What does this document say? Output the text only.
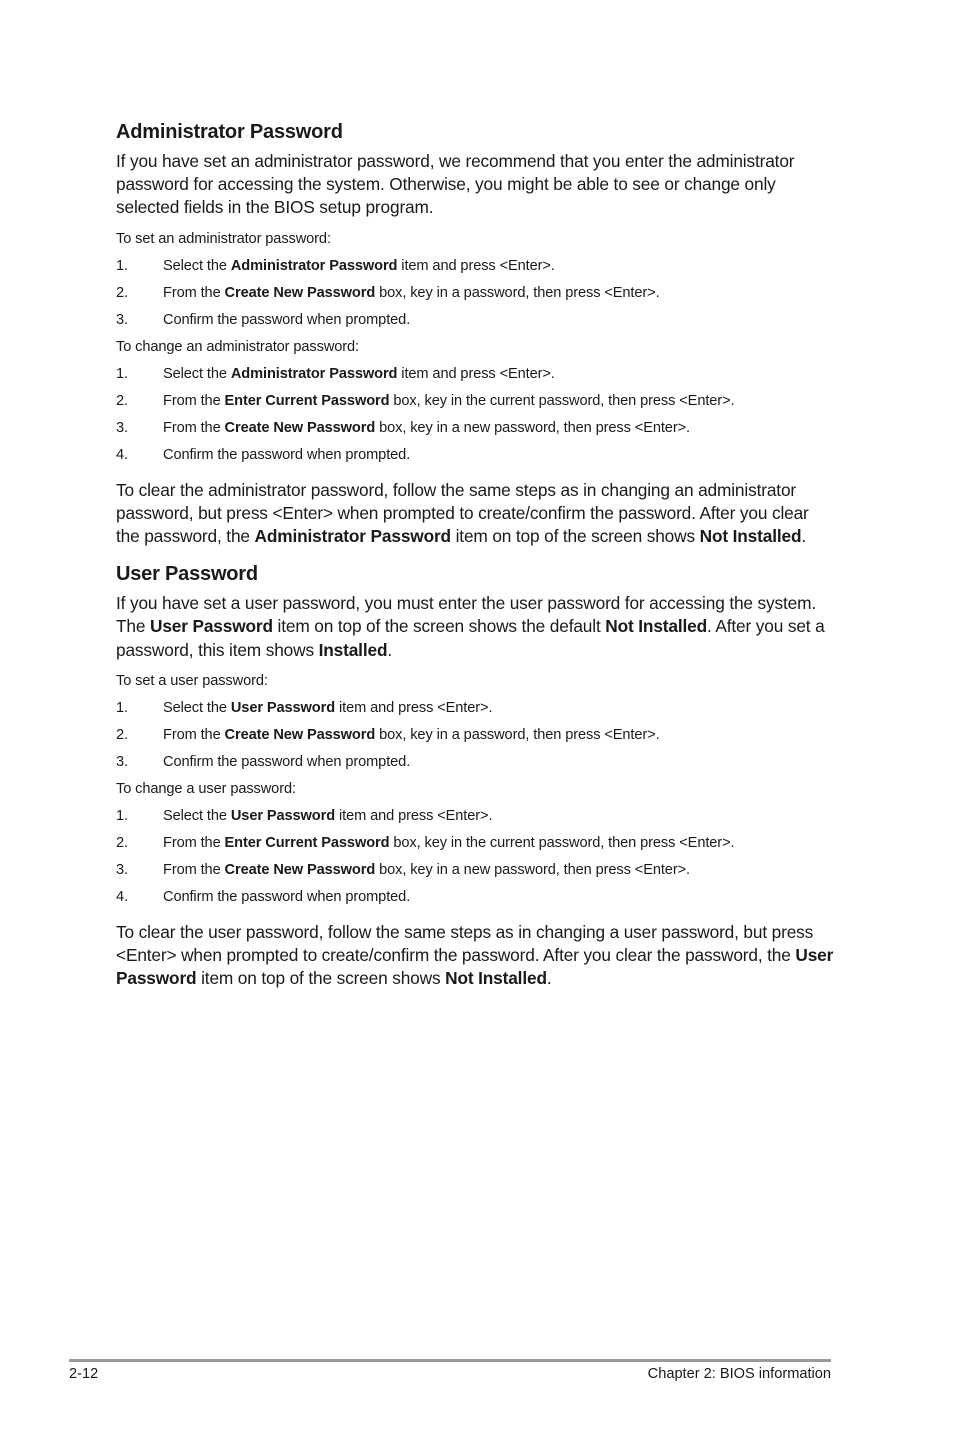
Administrator Password

If you have set an administrator password, we recommend that you enter the administrator password for accessing the system. Otherwise, you might be able to see or change only selected fields in the BIOS setup program.

To set an administrator password:

1. Select the Administrator Password item and press <Enter>.
2. From the Create New Password box, key in a password, then press <Enter>.
3. Confirm the password when prompted.

To change an administrator password:

1. Select the Administrator Password item and press <Enter>.
2. From the Enter Current Password box, key in the current password, then press <Enter>.
3. From the Create New Password box, key in a new password, then press <Enter>.
4. Confirm the password when prompted.

To clear the administrator password, follow the same steps as in changing an administrator password, but press <Enter> when prompted to create/confirm the password. After you clear the password, the Administrator Password item on top of the screen shows Not Installed.

User Password

If you have set a user password, you must enter the user password for accessing the system. The User Password item on top of the screen shows the default Not Installed. After you set a password, this item shows Installed.

To set a user password:

1. Select the User Password item and press <Enter>.
2. From the Create New Password box, key in a password, then press <Enter>.
3. Confirm the password when prompted.

To change a user password:

1. Select the User Password item and press <Enter>.
2. From the Enter Current Password box, key in the current password, then press <Enter>.
3. From the Create New Password box, key in a new password, then press <Enter>.
4. Confirm the password when prompted.

To clear the user password, follow the same steps as in changing a user password, but press <Enter> when prompted to create/confirm the password. After you clear the password, the User Password item on top of the screen shows Not Installed.

2-12	Chapter 2: BIOS information
